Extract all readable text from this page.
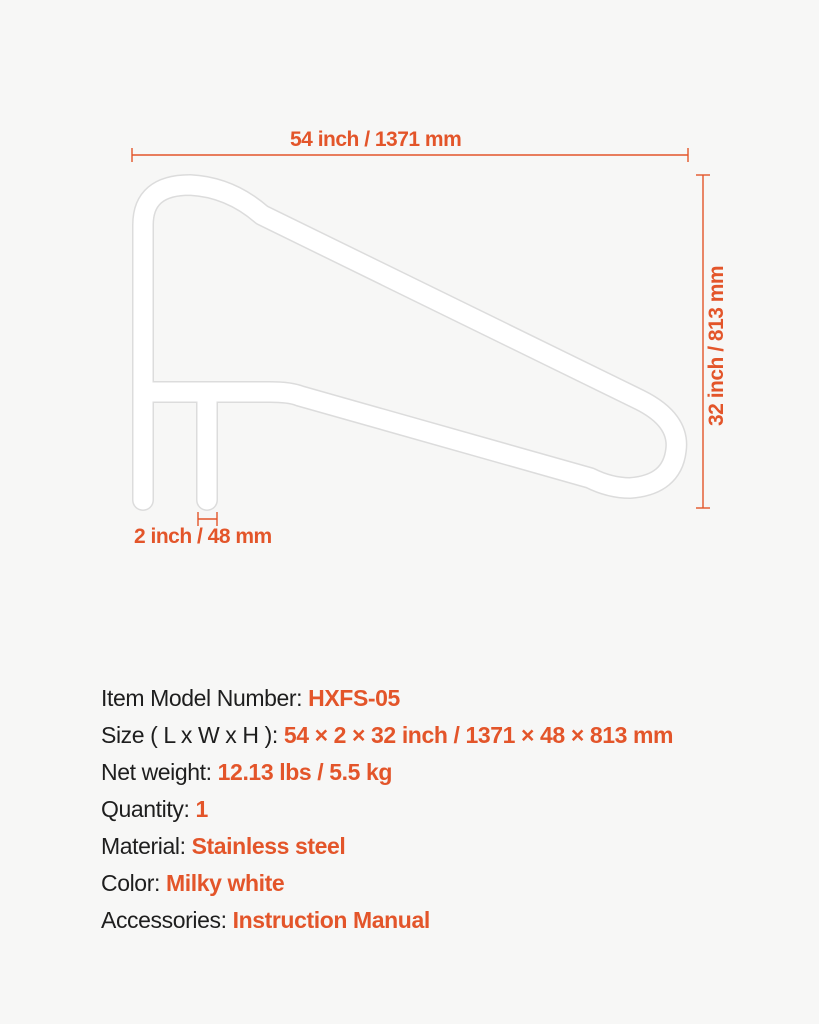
54 inch / 1371 mm
32 inch / 813 mm
2 inch / 48 mm
Item Model Number: HXFS-05
Size ( L x W x H ): 54 × 2 × 32 inch / 1371 × 48 × 813 mm
Net weight: 12.13 lbs / 5.5 kg
Quantity: 1
Material: Stainless steel
Color: Milky white
Accessories: Instruction Manual
